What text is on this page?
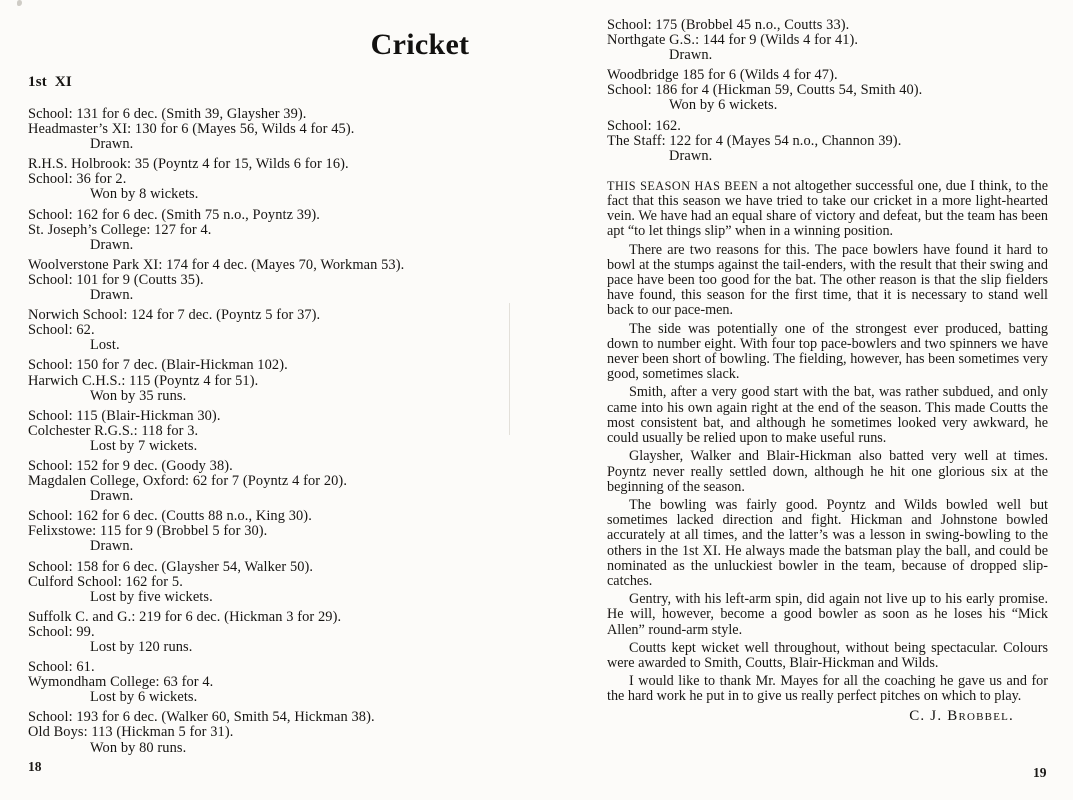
Cricket
1st  XI
School: 131 for 6 dec. (Smith 39, Glaysher 39).
Headmaster’s XI: 130 for 6 (Mayes 56, Wilds 4 for 45).
Drawn.
R.H.S. Holbrook: 35 (Poyntz 4 for 15, Wilds 6 for 16).
School: 36 for 2.
Won by 8 wickets.
School: 162 for 6 dec. (Smith 75 n.o., Poyntz 39).
St. Joseph’s College: 127 for 4.
Drawn.
Woolverstone Park XI: 174 for 4 dec. (Mayes 70, Workman 53).
School: 101 for 9 (Coutts 35).
Drawn.
Norwich School: 124 for 7 dec. (Poyntz 5 for 37).
School: 62.
Lost.
School: 150 for 7 dec. (Blair-Hickman 102).
Harwich C.H.S.: 115 (Poyntz 4 for 51).
Won by 35 runs.
School: 115 (Blair-Hickman 30).
Colchester R.G.S.: 118 for 3.
Lost by 7 wickets.
School: 152 for 9 dec. (Goody 38).
Magdalen College, Oxford: 62 for 7 (Poyntz 4 for 20).
Drawn.
School: 162 for 6 dec. (Coutts 88 n.o., King 30).
Felixstowe: 115 for 9 (Brobbel 5 for 30).
Drawn.
School: 158 for 6 dec. (Glaysher 54, Walker 50).
Culford School: 162 for 5.
Lost by five wickets.
Suffolk C. and G.: 219 for 6 dec. (Hickman 3 for 29).
School: 99.
Lost by 120 runs.
School: 61.
Wymondham College: 63 for 4.
Lost by 6 wickets.
School: 193 for 6 dec. (Walker 60, Smith 54, Hickman 38).
Old Boys: 113 (Hickman 5 for 31).
Won by 80 runs.
School: 175 (Brobbel 45 n.o., Coutts 33).
Northgate G.S.: 144 for 9 (Wilds 4 for 41).
Drawn.
Woodbridge 185 for 6 (Wilds 4 for 47).
School: 186 for 4 (Hickman 59, Coutts 54, Smith 40).
Won by 6 wickets.
School: 162.
The Staff: 122 for 4 (Mayes 54 n.o., Channon 39).
Drawn.

THIS SEASON HAS BEEN a not altogether successful one, due I think, to the fact that this season we have tried to take our cricket in a more light-hearted vein. We have had an equal share of victory and defeat, but the team has been apt “to let things slip” when in a winning position.

There are two reasons for this. The pace bowlers have found it hard to bowl at the stumps against the tail-enders, with the result that their swing and pace have been too good for the bat. The other reason is that the slip fielders have found, this season for the first time, that it is necessary to stand well back to our pace-men.

The side was potentially one of the strongest ever produced, batting down to number eight. With four top pace-bowlers and two spinners we have never been short of bowling. The fielding, however, has been sometimes very good, sometimes slack.

Smith, after a very good start with the bat, was rather subdued, and only came into his own again right at the end of the season. This made Coutts the most consistent bat, and although he sometimes looked very awkward, he could usually be relied upon to make useful runs.

Glaysher, Walker and Blair-Hickman also batted very well at times. Poyntz never really settled down, although he hit one glorious six at the beginning of the season.

The bowling was fairly good. Poyntz and Wilds bowled well but sometimes lacked direction and fight. Hickman and Johnstone bowled accurately at all times, and the latter’s was a lesson in swing-bowling to the others in the 1st XI. He always made the batsman play the ball, and could be nominated as the unluckiest bowler in the team, because of dropped slip-catches.

Gentry, with his left-arm spin, did again not live up to his early promise. He will, however, become a good bowler as soon as he loses his “Mick Allen” round-arm style.

Coutts kept wicket well throughout, without being spectacular. Colours were awarded to Smith, Coutts, Blair-Hickman and Wilds.

I would like to thank Mr. Mayes for all the coaching he gave us and for the hard work he put in to give us really perfect pitches on which to play.

C. J. Brobbel.
18	19
